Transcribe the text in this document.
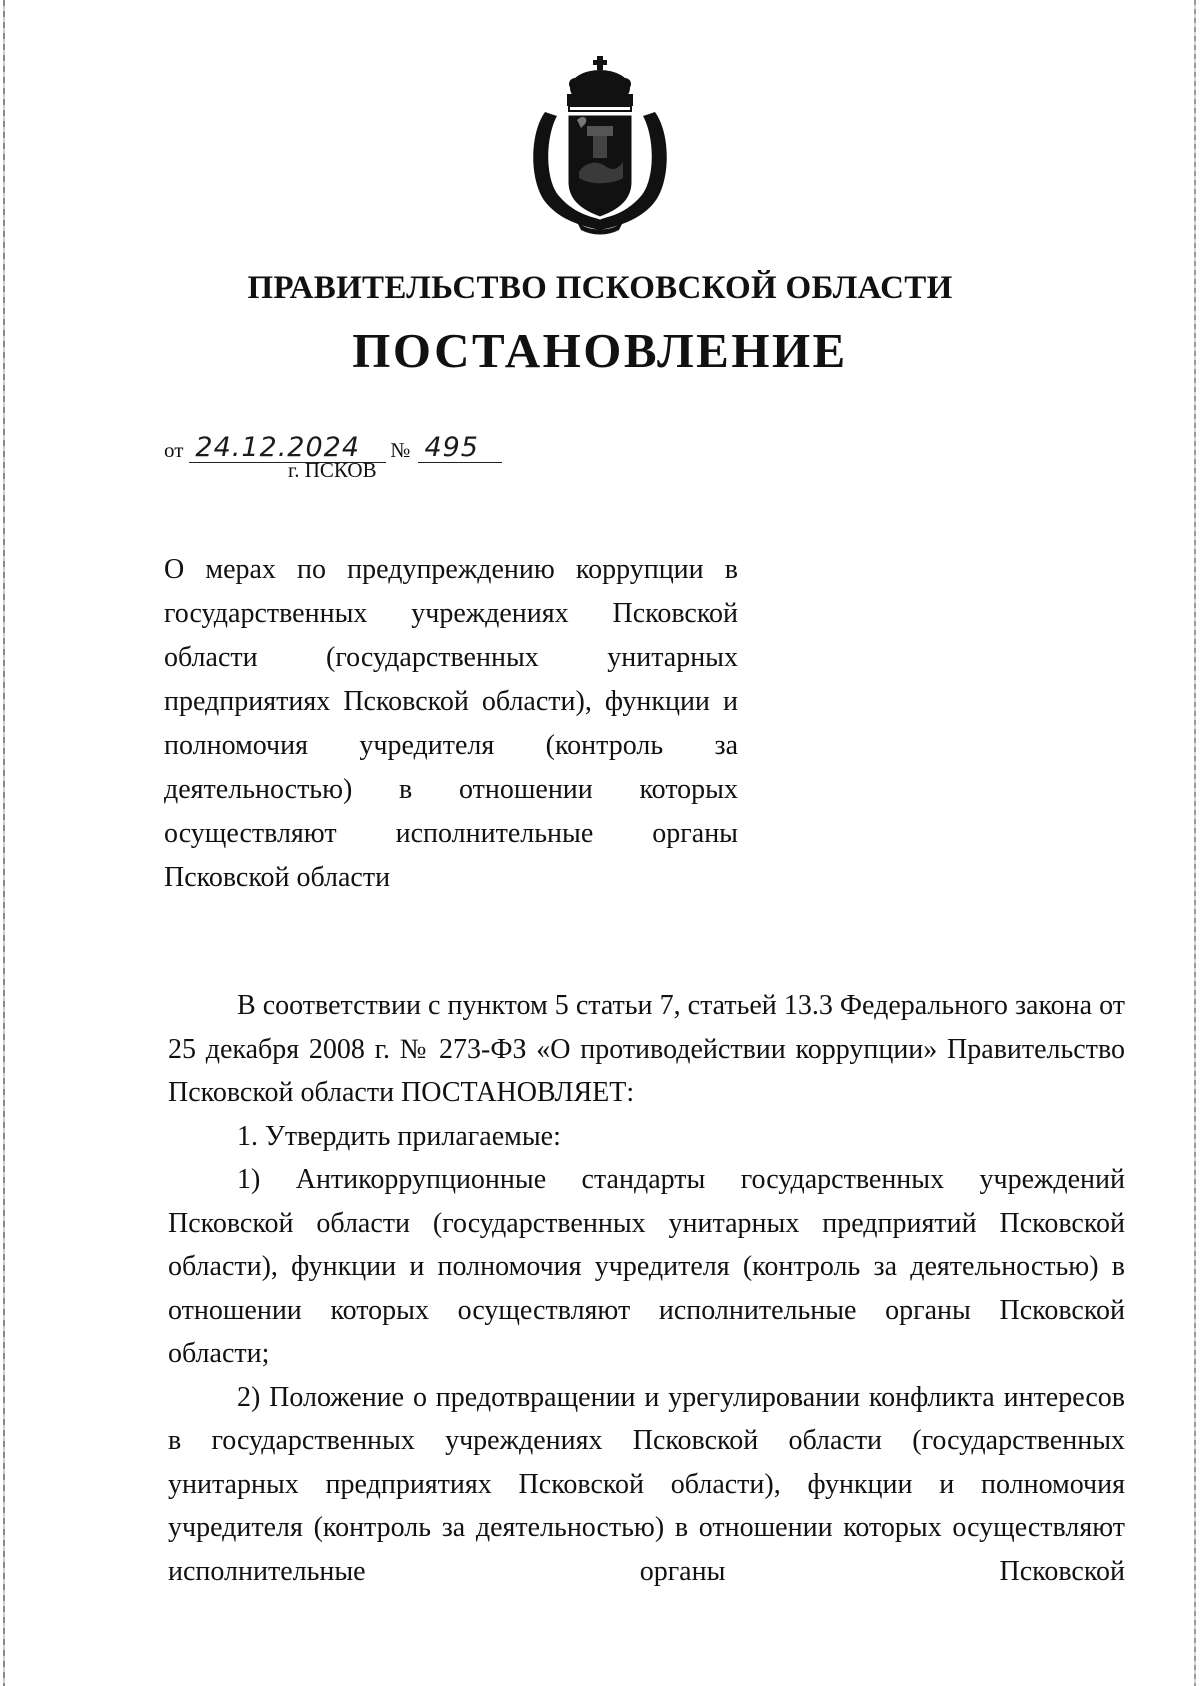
ПРАВИТЕЛЬСТВО ПСКОВСКОЙ ОБЛАСТИ
ПОСТАНОВЛЕНИЕ
от 24.12.2024	№ 495
г. ПСКОВ

О мерах по предупреждению коррупции в государственных учреждениях Псковской области (государственных унитарных предприятиях Псковской области), функции и полномочия учредителя (контроль за деятельностью) в отношении которых осуществляют исполнительные органы Псковской области

В соответствии с пунктом 5 статьи 7, статьей 13.3 Федерального закона от 25 декабря 2008 г. № 273-ФЗ «О противодействии коррупции» Правительство Псковской области ПОСТАНОВЛЯЕТ:

1. Утвердить прилагаемые:

1) Антикоррупционные стандарты государственных учреждений Псковской области (государственных унитарных предприятий Псковской области), функции и полномочия учредителя (контроль за деятельностью) в отношении которых осуществляют исполнительные органы Псковской области;

2) Положение о предотвращении и урегулировании конфликта интересов в государственных учреждениях Псковской области (государственных унитарных предприятиях Псковской области), функции и полномочия учредителя (контроль за деятельностью) в отношении которых осуществляют исполнительные органы Псковской
